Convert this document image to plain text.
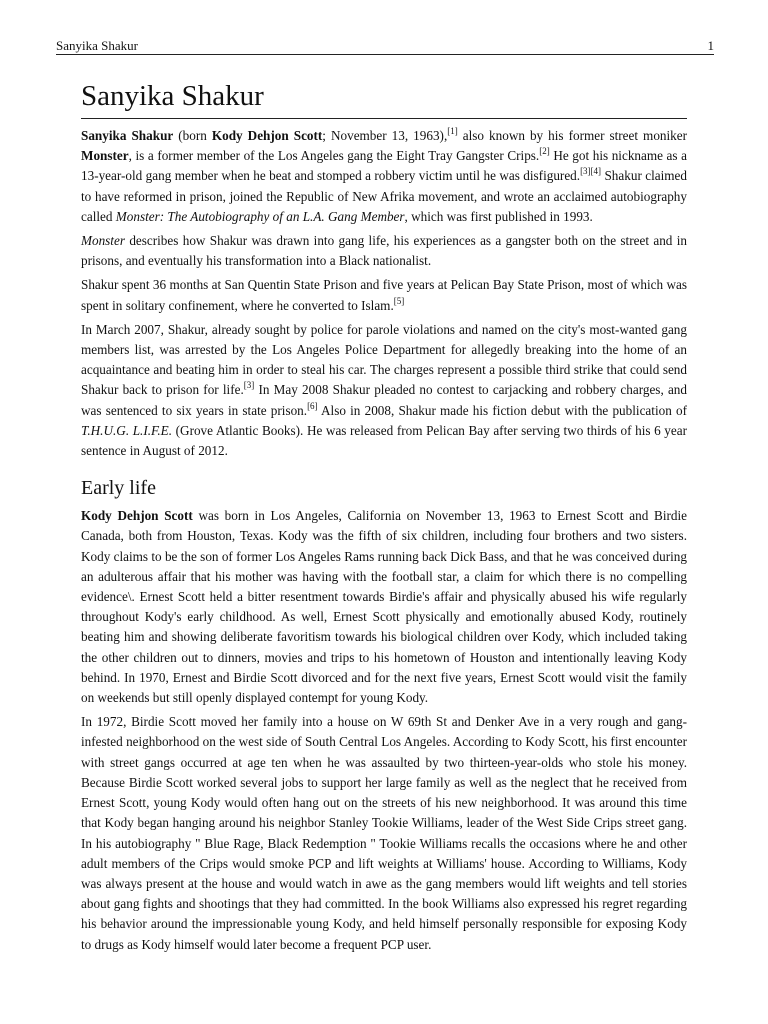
Sanyika Shakur	1
Sanyika Shakur

Sanyika Shakur (born Kody Dehjon Scott; November 13, 1963),[1] also known by his former street moniker Monster, is a former member of the Los Angeles gang the Eight Tray Gangster Crips.[2] He got his nickname as a 13-year-old gang member when he beat and stomped a robbery victim until he was disfigured.[3][4] Shakur claimed to have reformed in prison, joined the Republic of New Afrika movement, and wrote an acclaimed autobiography called Monster: The Autobiography of an L.A. Gang Member, which was first published in 1993.

Monster describes how Shakur was drawn into gang life, his experiences as a gangster both on the street and in prisons, and eventually his transformation into a Black nationalist.

Shakur spent 36 months at San Quentin State Prison and five years at Pelican Bay State Prison, most of which was spent in solitary confinement, where he converted to Islam.[5]

In March 2007, Shakur, already sought by police for parole violations and named on the city's most-wanted gang members list, was arrested by the Los Angeles Police Department for allegedly breaking into the home of an acquaintance and beating him in order to steal his car. The charges represent a possible third strike that could send Shakur back to prison for life.[3] In May 2008 Shakur pleaded no contest to carjacking and robbery charges, and was sentenced to six years in state prison.[6] Also in 2008, Shakur made his fiction debut with the publication of T.H.U.G. L.I.F.E. (Grove Atlantic Books). He was released from Pelican Bay after serving two thirds of his 6 year sentence in August of 2012.

Early life

Kody Dehjon Scott was born in Los Angeles, California on November 13, 1963 to Ernest Scott and Birdie Canada, both from Houston, Texas. Kody was the fifth of six children, including four brothers and two sisters. Kody claims to be the son of former Los Angeles Rams running back Dick Bass, and that he was conceived during an adulterous affair that his mother was having with the football star, a claim for which there is no compelling evidence\. Ernest Scott held a bitter resentment towards Birdie's affair and physically abused his wife regularly throughout Kody's early childhood. As well, Ernest Scott physically and emotionally abused Kody, routinely beating him and showing deliberate favoritism towards his biological children over Kody, which included taking the other children out to dinners, movies and trips to his hometown of Houston and intentionally leaving Kody behind. In 1970, Ernest and Birdie Scott divorced and for the next five years, Ernest Scott would visit the family on weekends but still openly displayed contempt for young Kody.

In 1972, Birdie Scott moved her family into a house on W 69th St and Denker Ave in a very rough and gang-infested neighborhood on the west side of South Central Los Angeles. According to Kody Scott, his first encounter with street gangs occurred at age ten when he was assaulted by two thirteen-year-olds who stole his money. Because Birdie Scott worked several jobs to support her large family as well as the neglect that he received from Ernest Scott, young Kody would often hang out on the streets of his new neighborhood. It was around this time that Kody began hanging around his neighbor Stanley Tookie Williams, leader of the West Side Crips street gang. In his autobiography " Blue Rage, Black Redemption " Tookie Williams recalls the occasions where he and other adult members of the Crips would smoke PCP and lift weights at Williams' house. According to Williams, Kody was always present at the house and would watch in awe as the gang members would lift weights and tell stories about gang fights and shootings that they had committed. In the book Williams also expressed his regret regarding his behavior around the impressionable young Kody, and held himself personally responsible for exposing Kody to drugs as Kody himself would later become a frequent PCP user.
